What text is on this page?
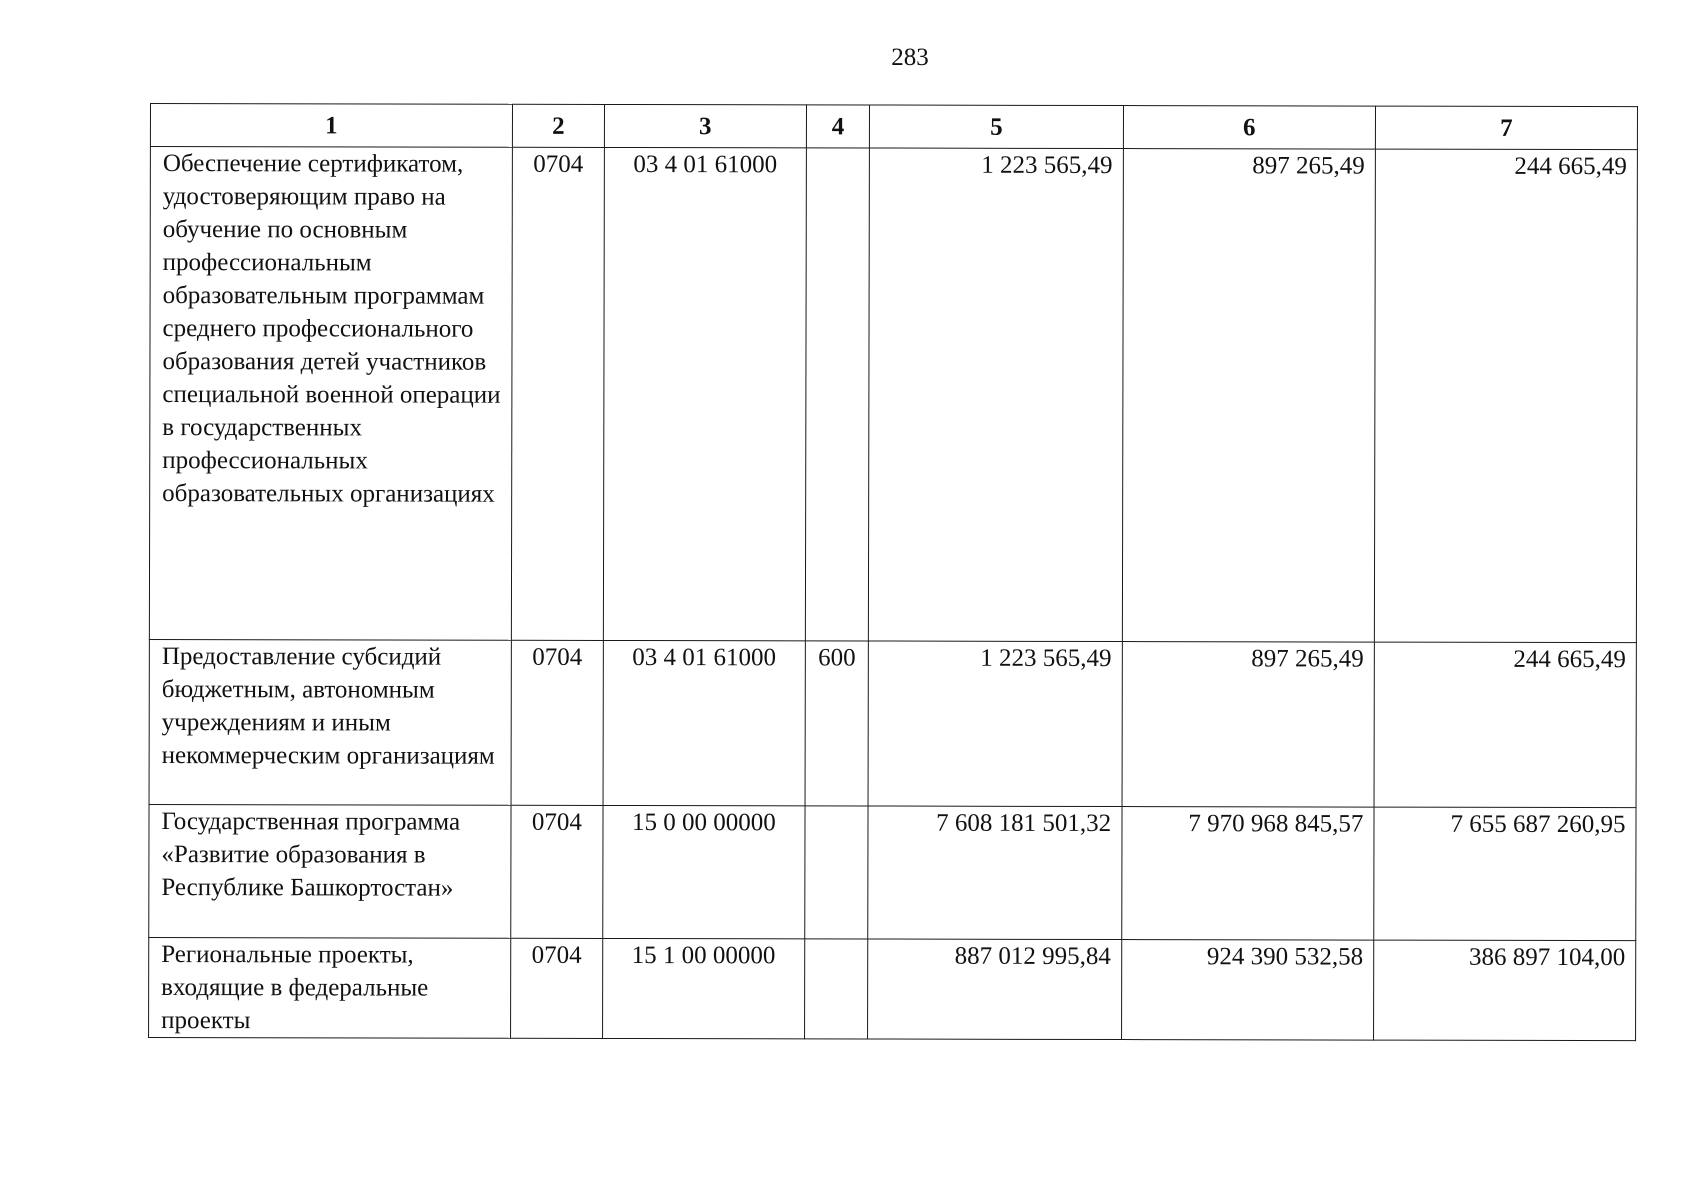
283
1	2	3	4	5	6	7
Обеспечение сертификатом, удостоверяющим право на обучение по основным профессиональным образовательным программам среднего профессионального образования детей участников специальной военной операции в государственных профессиональных образовательных организациях	0704	03 4 01 61000		1 223 565,49	897 265,49	244 665,49
Предоставление субсидий бюджетным, автономным учреждениям и иным некоммерческим организациям	0704	03 4 01 61000	600	1 223 565,49	897 265,49	244 665,49
Государственная программа «Развитие образования в Республике Башкортостан»	0704	15 0 00 00000		7 608 181 501,32	7 970 968 845,57	7 655 687 260,95
Региональные проекты, входящие в федеральные проекты	0704	15 1 00 00000		887 012 995,84	924 390 532,58	386 897 104,00
